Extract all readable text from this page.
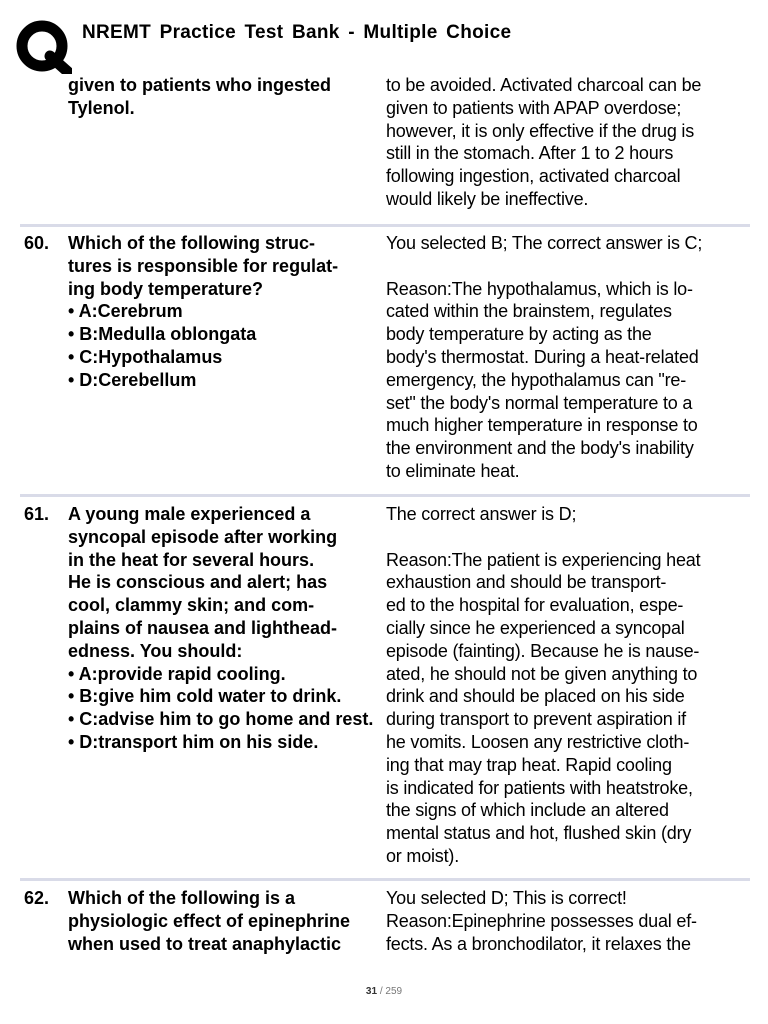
NREMT Practice Test Bank - Multiple Choice
given to patients who ingested
Tylenol.
to be avoided. Activated charcoal can be
given to patients with APAP overdose;
however, it is only effective if the drug is
still in the stomach. After 1 to 2 hours
following ingestion, activated charcoal
would likely be ineffective.
60. Which of the following struc-
tures is responsible for regulat-
ing body temperature?
• A:Cerebrum
• B:Medulla oblongata
• C:Hypothalamus
• D:Cerebellum
You selected B; The correct answer is C;

Reason:The hypothalamus, which is lo-
cated within the brainstem, regulates
body temperature by acting as the
body's thermostat. During a heat-related
emergency, the hypothalamus can "re-
set" the body's normal temperature to a
much higher temperature in response to
the environment and the body's inability
to eliminate heat.
61. A young male experienced a
syncopal episode after working
in the heat for several hours.
He is conscious and alert; has
cool, clammy skin; and com-
plains of nausea and lighthead-
edness. You should:
• A:provide rapid cooling.
• B:give him cold water to drink.
• C:advise him to go home and rest.
• D:transport him on his side.
The correct answer is D;

Reason:The patient is experiencing heat
exhaustion and should be transport-
ed to the hospital for evaluation, espe-
cially since he experienced a syncopal
episode (fainting). Because he is nause-
ated, he should not be given anything to
drink and should be placed on his side
during transport to prevent aspiration if
he vomits. Loosen any restrictive cloth-
ing that may trap heat. Rapid cooling
is indicated for patients with heatstroke,
the signs of which include an altered
mental status and hot, flushed skin (dry
or moist).
62. Which of the following is a
physiologic effect of epinephrine
when used to treat anaphylactic
You selected D; This is correct!
Reason:Epinephrine possesses dual ef-
fects. As a bronchodilator, it relaxes the
31 / 259
